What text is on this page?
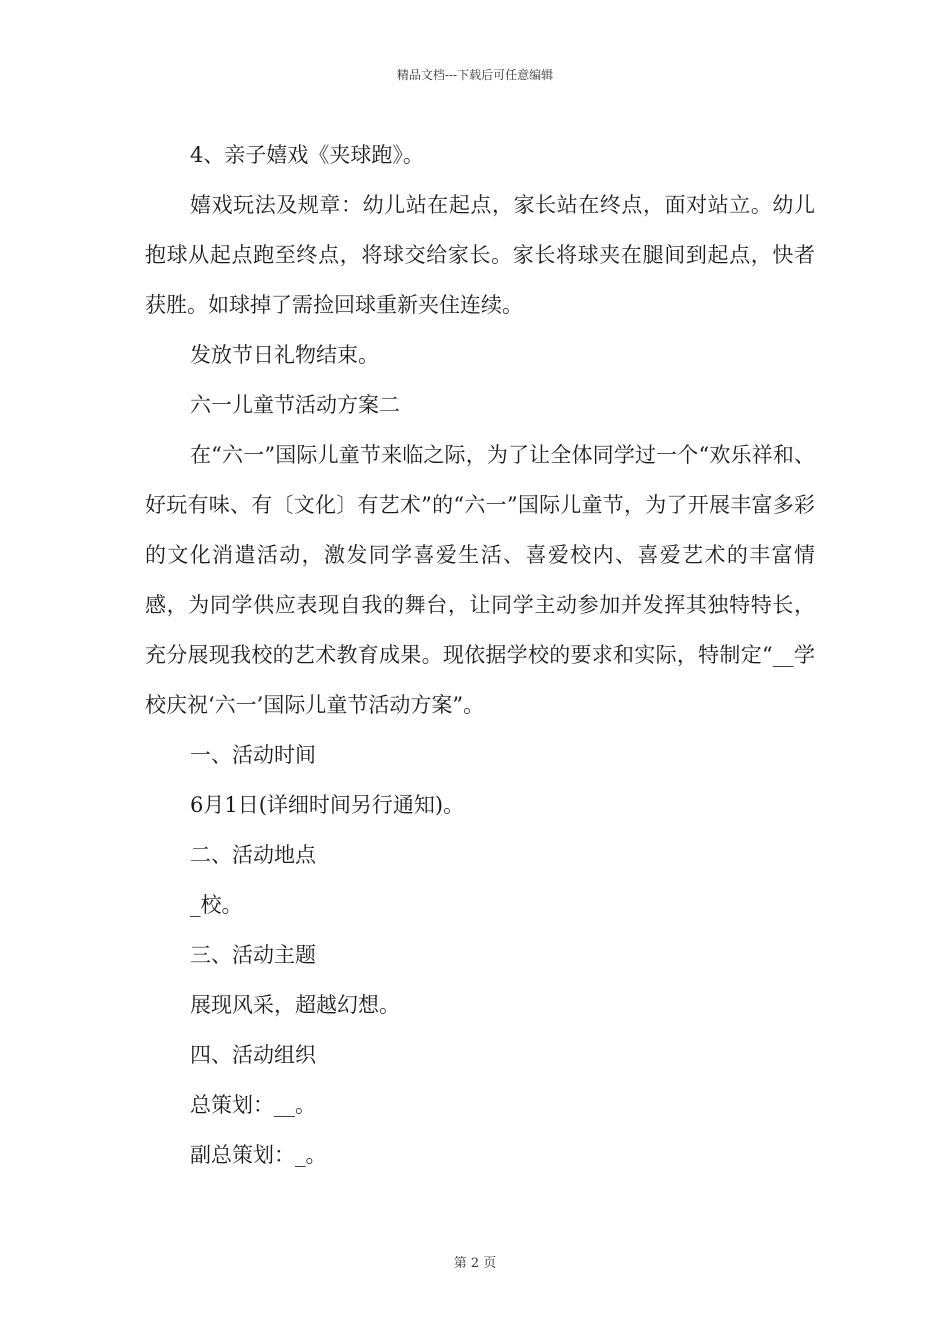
精品文档---下载后可任意编辑

4、亲子嬉戏《夹球跑》。

嬉戏玩法及规章：幼儿站在起点，家长站在终点，面对站立。幼儿抱球从起点跑至终点，将球交给家长。家长将球夹在腿间到起点，快者获胜。如球掉了需捡回球重新夹住连续。

发放节日礼物结束。

六一儿童节活动方案二

在“六一”国际儿童节来临之际，为了让全体同学过一个“欢乐祥和、好玩有味、有〔文化〕有艺术”的“六一”国际儿童节，为了开展丰富多彩的文化消遣活动，激发同学喜爱生活、喜爱校内、喜爱艺术的丰富情感，为同学供应表现自我的舞台，让同学主动参加并发挥其独特特长，充分展现我校的艺术教育成果。现依据学校的要求和实际，特制定“__学校庆祝‘六一’国际儿童节活动方案”。

一、活动时间

6月1日(详细时间另行通知)。

二、活动地点

_校。

三、活动主题

展现风采，超越幻想。

四、活动组织

总策划：__。

副总策划：_。

第 2 页
